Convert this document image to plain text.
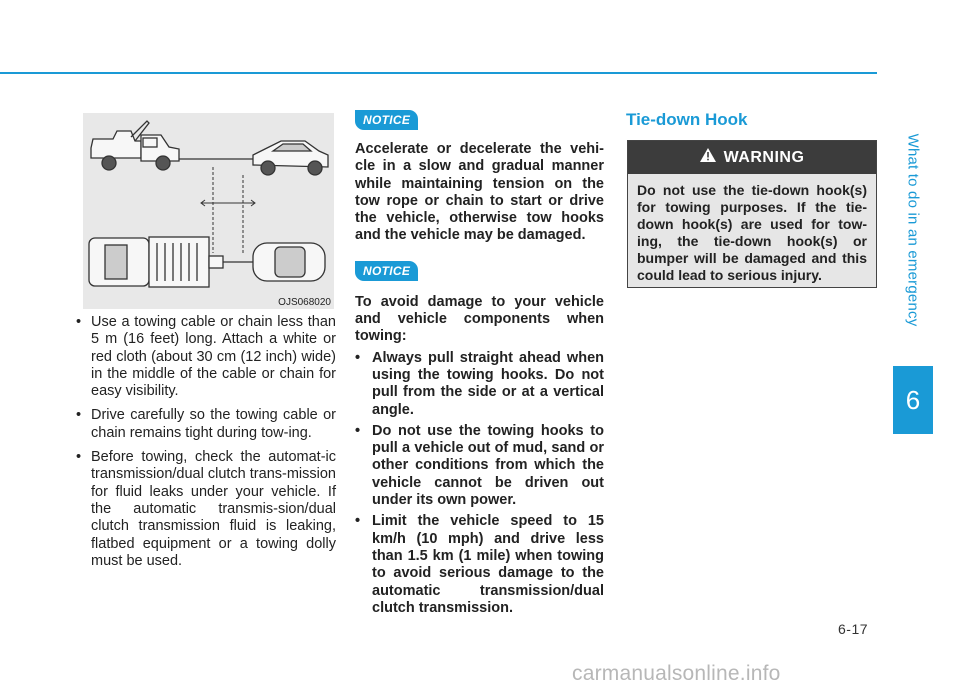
What to do in an emergency
6
OJS068020
• Use a towing cable or chain less than 5 m (16 feet) long. Attach a white or red cloth (about 30 cm (12 inch) wide) in the middle of the cable or chain for easy visibility.
• Drive carefully so the towing cable or chain remains tight during tow-ing.
• Before towing, check the automat-ic transmission/dual clutch trans-mission for fluid leaks under your vehicle. If the automatic transmis-sion/dual clutch transmission fluid is leaking, flatbed equipment or a towing dolly must be used.
NOTICE

Accelerate or decelerate the vehi-cle in a slow and gradual manner while maintaining tension on the tow rope or chain to start or drive the vehicle, otherwise tow hooks and the vehicle may be damaged.

NOTICE

To avoid damage to your vehicle and vehicle components when towing:

• Always pull straight ahead when using the towing hooks. Do not pull from the side or at a vertical angle.
• Do not use the towing hooks to pull a vehicle out of mud, sand or other conditions from which the vehicle cannot be driven out under its own power.
• Limit the vehicle speed to 15 km/h (10 mph) and drive less than 1.5 km (1 mile) when towing to avoid serious damage to the automatic transmission/dual clutch transmission.
Tie-down Hook
WARNING
Do not use the tie-down hook(s) for towing purposes. If the tie-down hook(s) are used for tow-ing, the tie-down hook(s) or bumper will be damaged and this could lead to serious injury.
6-17
carmanualsonline.info
